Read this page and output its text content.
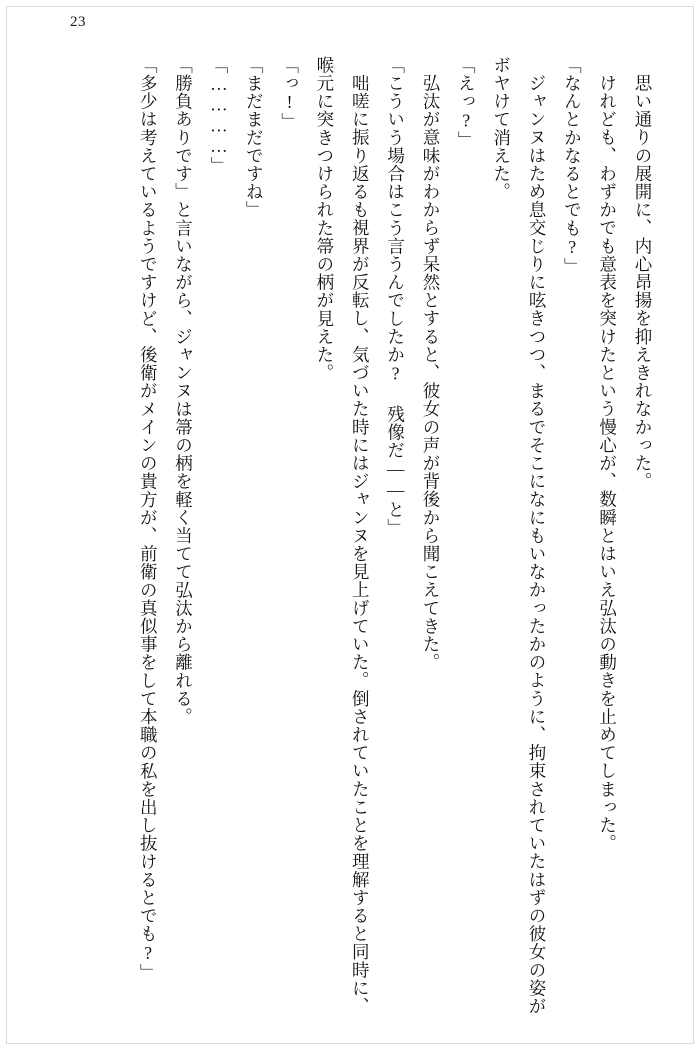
23

思い通りの展開に、内心昂揚を抑えきれなかった。

けれども、わずかでも意表を突けたという慢心が、数瞬とはいえ弘汰の動きを止めてしまった。

「なんとかなるとでも?」

ジャンヌはため息交じりに呟きつつ、まるでそこになにもいなかったかのように、拘束されていたはずの彼女の姿がボヤけて消えた。

「えっ?」

弘汰が意味がわからず呆然とすると、彼女の声が背後から聞こえてきた。

「こういう場合はこう言うんでしたか? 残像だ——と」

咄嗟に振り返るも視界が反転し、気づいた時にはジャンヌを見上げていた。倒されていたことを理解すると同時に、喉元に突きつけられた箒の柄が見えた。

「っ!」

「まだまだですね」

「…………」

「勝負ありです」と言いながら、ジャンヌは箒の柄を軽く当てて弘汰から離れる。

「多少は考えているようですけど、後衛がメインの貴方が、前衛の真似事をして本職の私を出し抜けるとでも?」
